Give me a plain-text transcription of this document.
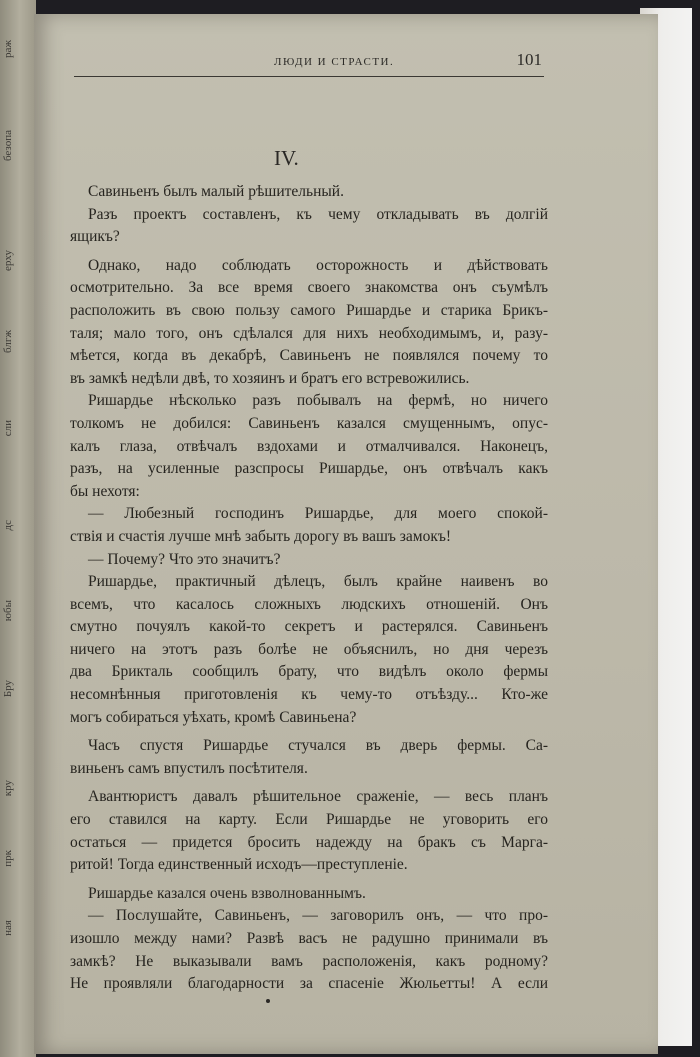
раж
безопа
ерху
блгж
сли
дс
юбы
Бру
кру
прк
ная
ЛЮДИ И СТРАСТИ.	101
IV.
Савиньенъ былъ малый рѣшительный.
Разъ проектъ составленъ, къ чему откладывать въ долгій
ящикъ?
Однако, надо соблюдать осторожность и дѣйствовать
осмотрительно. За все время своего знакомства онъ съумѣлъ
расположить въ свою пользу самого Ришардье и старика Брикъ-
таля; мало того, онъ сдѣлался для нихъ необходимымъ, и, разу-
мѣется, когда въ декабрѣ, Савиньенъ не появлялся почему то
въ замкѣ недѣли двѣ, то хозяинъ и братъ его встревожились.
Ришардье нѣсколько разъ побывалъ на фермѣ, но ничего
толкомъ не добился: Савиньенъ казался смущеннымъ, опус-
калъ глаза, отвѣчалъ вздохами и отмалчивался. Наконецъ,
разъ, на усиленные разспросы Ришардье, онъ отвѣчалъ какъ
бы нехотя:
— Любезный господинъ Ришардье, для моего спокой-
ствія и счастія лучше мнѣ забыть дорогу въ вашъ замокъ!
— Почему? Что это значитъ?
Ришардье, практичный дѣлецъ, былъ крайне наивенъ во
всемъ, что касалось сложныхъ людскихъ отношеній. Онъ
смутно почуялъ какой-то секретъ и растерялся. Савиньенъ
ничего на этотъ разъ болѣе не объяснилъ, но дня черезъ
два Брикталь сообщилъ брату, что видѣлъ около фермы
несомнѣнныя приготовленія къ чему-то отъѣзду... Кто-же
могъ собираться уѣхать, кромѣ Савиньена?
Часъ спустя Ришардье стучался въ дверь фермы. Са-
виньенъ самъ впустилъ посѣтителя.
Авантюристъ давалъ рѣшительное сраженіе, — весь планъ
его ставился на карту. Если Ришардье не уговорить его
остаться — придется бросить надежду на бракъ съ Марга-
ритой! Тогда единственный исходъ—преступленіе.
Ришардье казался очень взволнованнымъ.
— Послушайте, Савиньенъ, — заговорилъ онъ, — что про-
изошло между нами? Развѣ васъ не радушно принимали въ
замкѣ? Не выказывали вамъ расположенія, какъ родному?
Не проявляли благодарности за спасеніе Жюльетты! А если
